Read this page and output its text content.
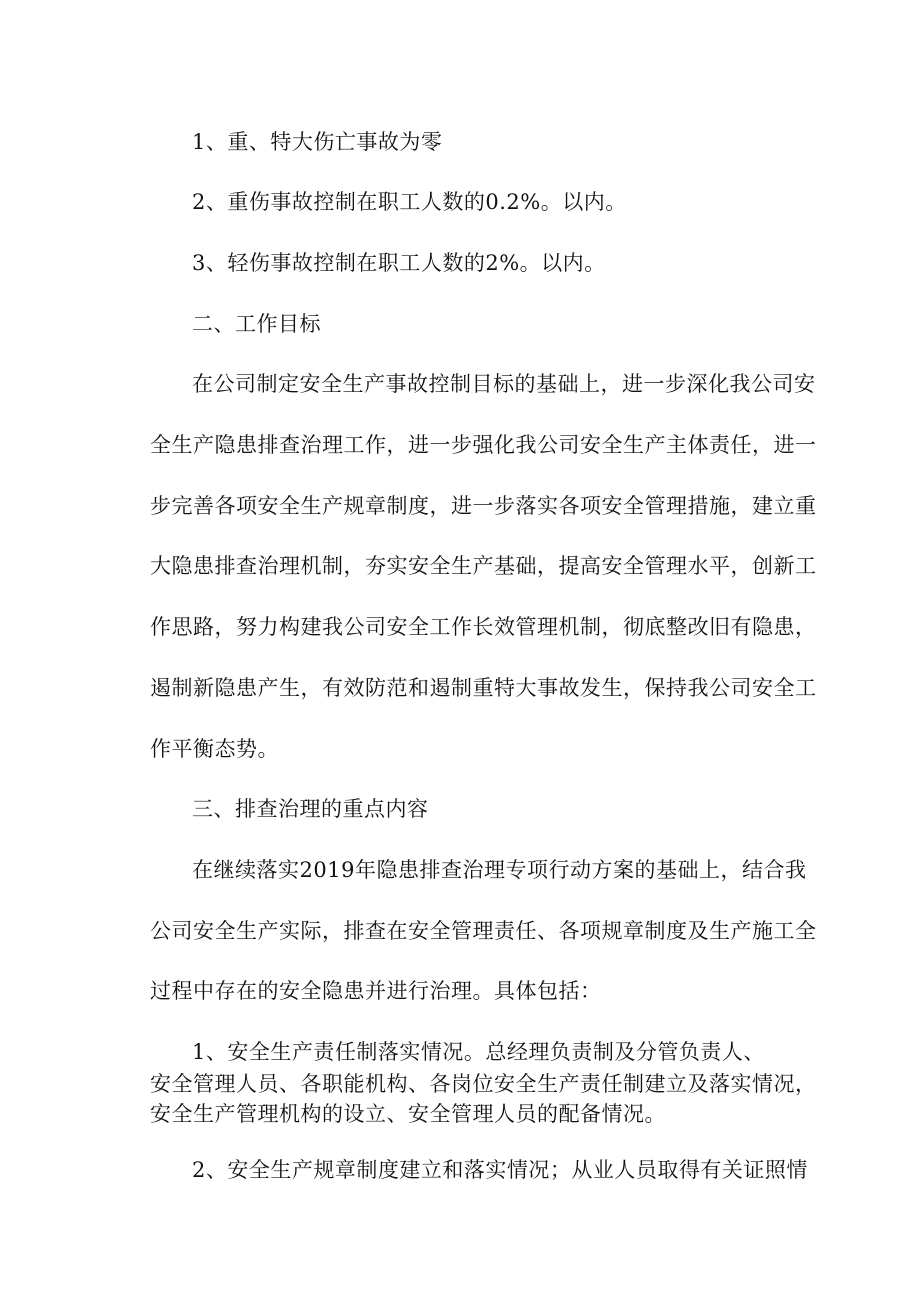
1、重、特大伤亡事故为零
2、重伤事故控制在职工人数的0.2%。以内。
3、轻伤事故控制在职工人数的2%。以内。
二、工作目标
在公司制定安全生产事故控制目标的基础上，进一步深化我公司安
全生产隐患排查治理工作，进一步强化我公司安全生产主体责任，进一
步完善各项安全生产规章制度，进一步落实各项安全管理措施，建立重
大隐患排查治理机制，夯实安全生产基础，提高安全管理水平，创新工
作思路，努力构建我公司安全工作长效管理机制，彻底整改旧有隐患，
遏制新隐患产生，有效防范和遏制重特大事故发生，保持我公司安全工
作平衡态势。
三、排查治理的重点内容
在继续落实2019年隐患排查治理专项行动方案的基础上，结合我
公司安全生产实际，排查在安全管理责任、各项规章制度及生产施工全
过程中存在的安全隐患并进行治理。具体包括：
1、安全生产责任制落实情况。总经理负责制及分管负责人、
安全管理人员、各职能机构、各岗位安全生产责任制建立及落实情况，
安全生产管理机构的设立、安全管理人员的配备情况。
2、安全生产规章制度建立和落实情况；从业人员取得有关证照情
